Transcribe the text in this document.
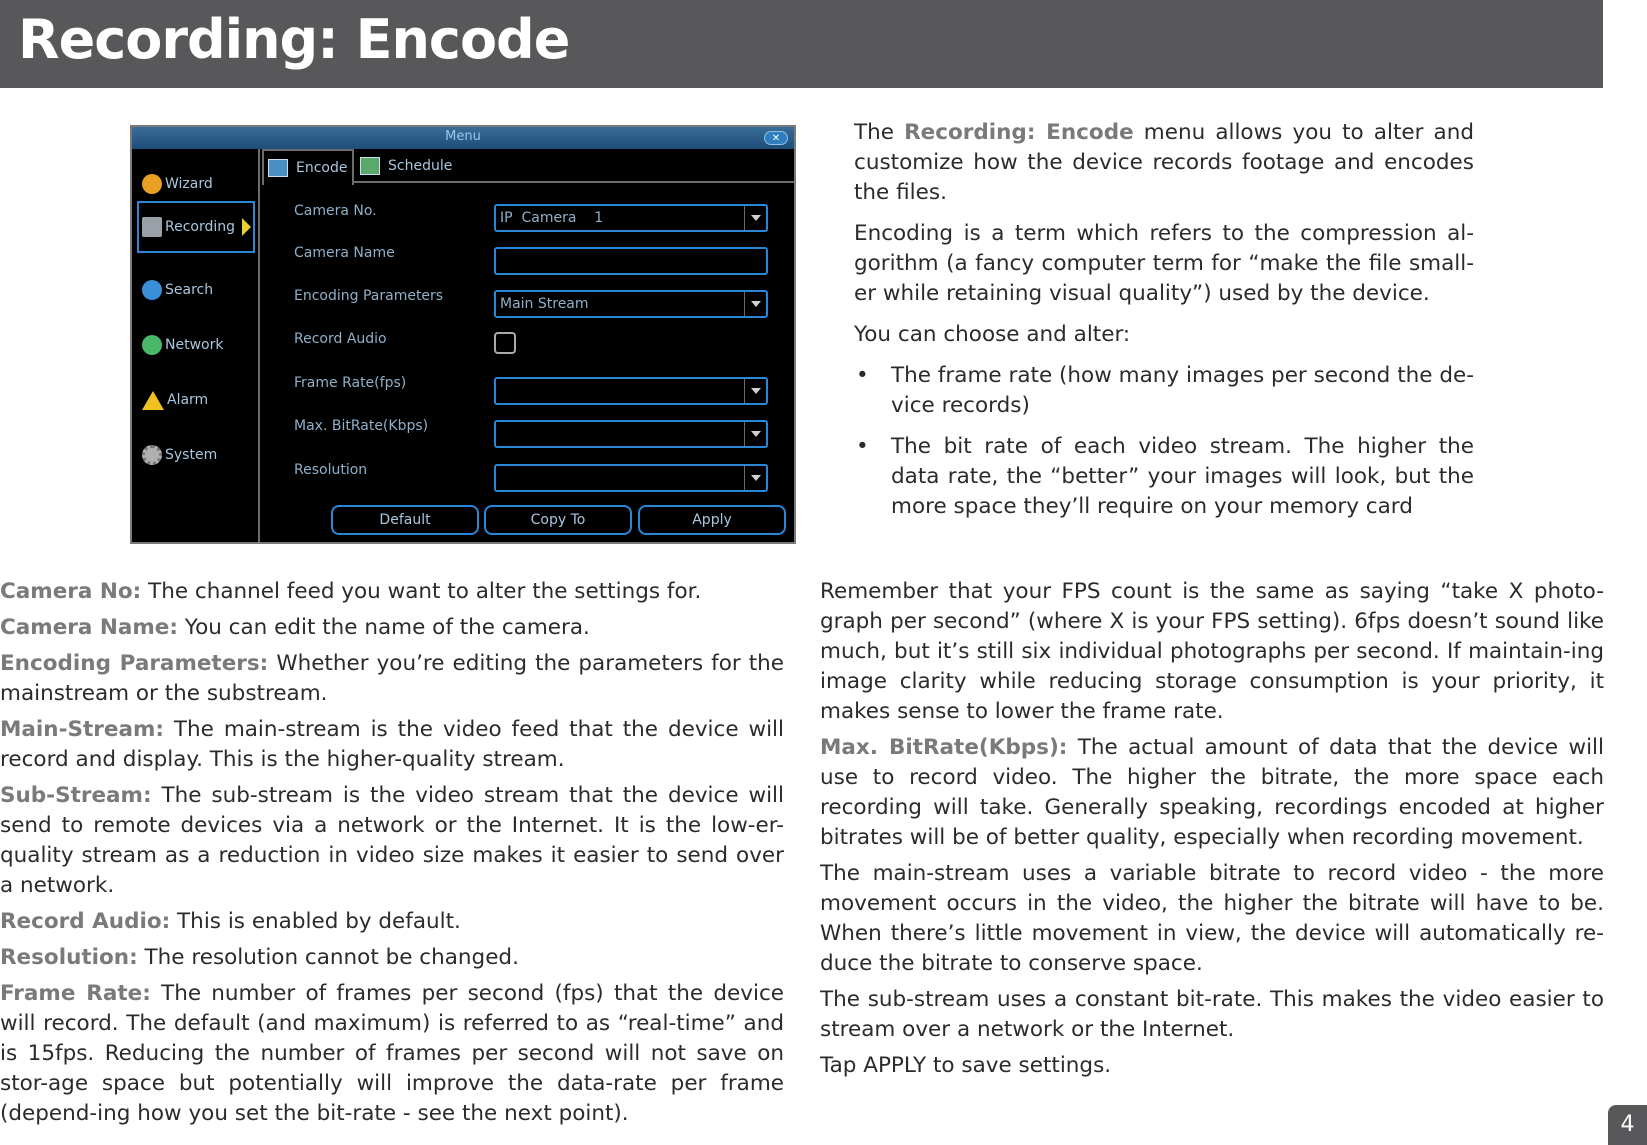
Recording: Encode
Menu	✕
Wizard
Recording
Search
Network
Alarm
System
Encode	Schedule
Camera No.	IP  Camera    1
Camera Name
Encoding Parameters	Main Stream
Record Audio
Frame Rate(fps)
Max. BitRate(Kbps)
Resolution
Default	Copy To	Apply

The Recording: Encode menu allows you to alter and customize how the device records footage and encodes the files.

Encoding is a term which refers to the compression al-gorithm (a fancy computer term for “make the file small-er while retaining visual quality”) used by the device.

You can choose and alter:

• The frame rate (how many images per second the de-vice records)
• The bit rate of each video stream. The higher the data rate, the “better” your images will look, but the more space they’ll require on your memory card

Camera No: The channel feed you want to alter the settings for.

Camera Name: You can edit the name of the camera.

Encoding Parameters: Whether you’re editing the parameters for the mainstream or the substream.

Main-Stream: The main-stream is the video feed that the device will record and display. This is the higher-quality stream.

Sub-Stream: The sub-stream is the video stream that the device will send to remote devices via a network or the Internet. It is the low-er-quality stream as a reduction in video size makes it easier to send over a network.

Record Audio: This is enabled by default.

Resolution: The resolution cannot be changed.

Frame Rate: The number of frames per second (fps) that the device will record. The default (and maximum) is referred to as “real-time” and is 15fps. Reducing the number of frames per second will not save on stor-age space but potentially will improve the data-rate per frame (depend-ing how you set the bit-rate - see the next point).

Remember that your FPS count is the same as saying “take X photo-graph per second” (where X is your FPS setting). 6fps doesn’t sound like much, but it’s still six individual photographs per second. If maintain-ing image clarity while reducing storage consumption is your priority, it makes sense to lower the frame rate.

Max. BitRate(Kbps): The actual amount of data that the device will use to record video. The higher the bitrate, the more space each recording will take. Generally speaking, recordings encoded at higher bitrates will be of better quality, especially when recording movement.

The main-stream uses a variable bitrate to record video - the more movement occurs in the video, the higher the bitrate will have to be. When there’s little movement in view, the device will automatically re-duce the bitrate to conserve space.

The sub-stream uses a constant bit-rate. This makes the video easier to stream over a network or the Internet.

Tap APPLY to save settings.

4
